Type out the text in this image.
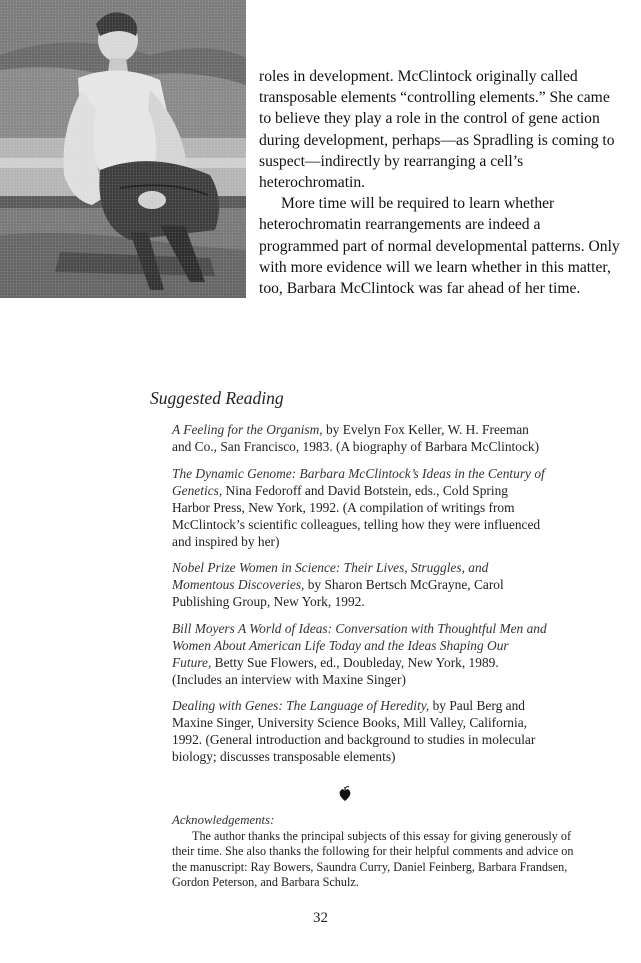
roles in development. McClintock originally called transposable elements “controlling elements.” She came to believe they play a role in the control of gene action during development, perhaps—as Spradling is coming to suspect—indirectly by rearranging a cell’s heterochromatin.

More time will be required to learn whether heterochromatin rearrangements are indeed a programmed part of normal developmental patterns. Only with more evidence will we learn whether in this matter, too, Barbara McClintock was far ahead of her time.

Suggested Reading

A Feeling for the Organism, by Evelyn Fox Keller, W. H. Freeman and Co., San Francisco, 1983. (A biography of Barbara McClintock)

The Dynamic Genome: Barbara McClintock’s Ideas in the Century of Genetics, Nina Fedoroff and David Botstein, eds., Cold Spring Harbor Press, New York, 1992. (A compilation of writings from McClintock’s scientific colleagues, telling how they were influenced and inspired by her)

Nobel Prize Women in Science: Their Lives, Struggles, and Momentous Discoveries, by Sharon Bertsch McGrayne, Carol Publishing Group, New York, 1992.

Bill Moyers A World of Ideas: Conversation with Thoughtful Men and Women About American Life Today and the Ideas Shaping Our Future, Betty Sue Flowers, ed., Doubleday, New York, 1989. (Includes an interview with Maxine Singer)

Dealing with Genes: The Language of Heredity, by Paul Berg and Maxine Singer, University Science Books, Mill Valley, California, 1992. (General introduction and background to studies in molecular biology; discusses transposable elements)

Acknowledgements:
The author thanks the principal subjects of this essay for giving generously of their time. She also thanks the following for their helpful comments and advice on the manuscript: Ray Bowers, Saundra Curry, Daniel Feinberg, Barbara Frandsen, Gordon Peterson, and Barbara Schulz.
32
